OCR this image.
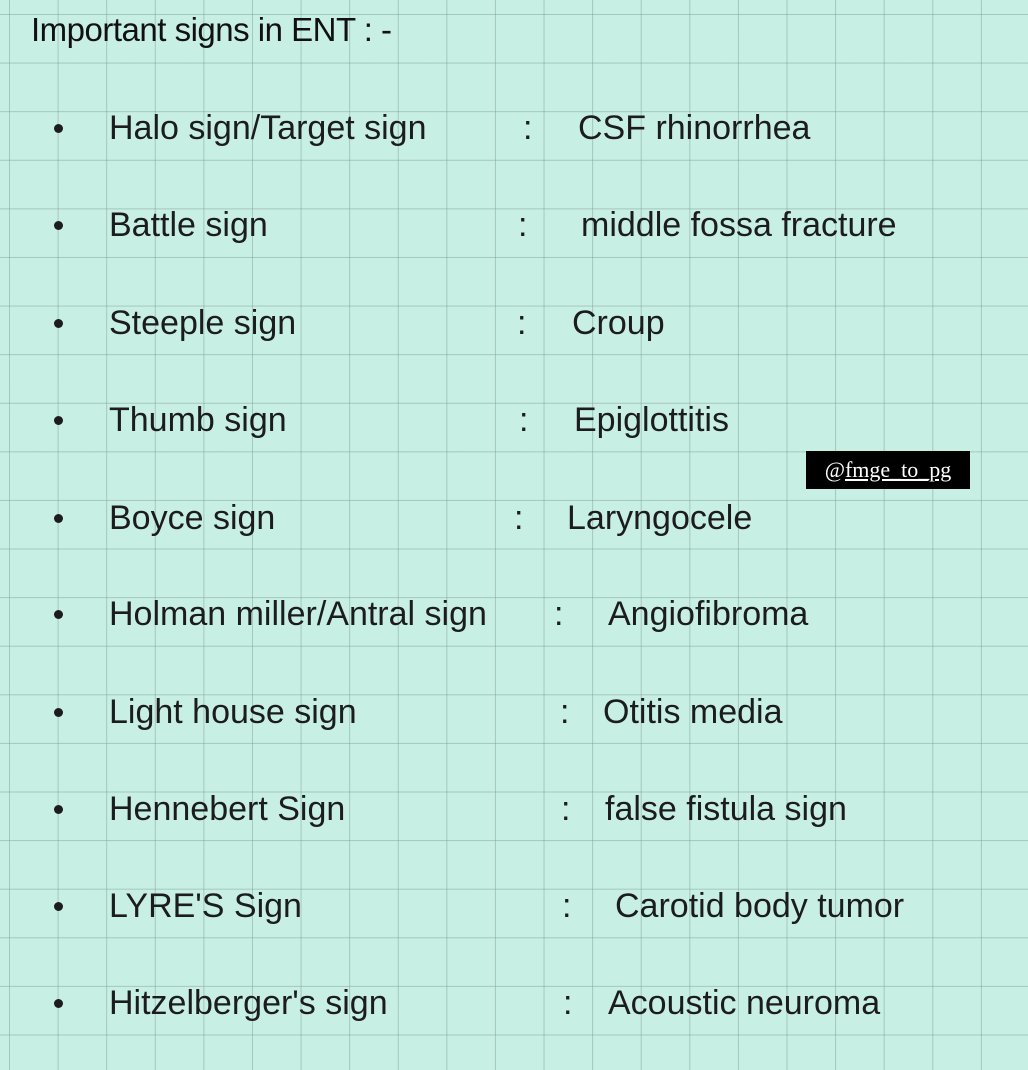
Important signs in ENT : -
Halo sign/Target sign	: CSF rhinorrhea
Battle sign	: middle fossa fracture
Steeple sign	: Croup
Thumb sign	: Epiglottitis
Boyce sign	: Laryngocele
Holman miller/Antral sign : Angiofibroma
Light house sign	: Otitis media
Hennebert Sign	: false fistula sign
LYRE'S Sign	: Carotid body tumor
Hitzelberger's sign	: Acoustic neuroma
@fmge_to_pg
